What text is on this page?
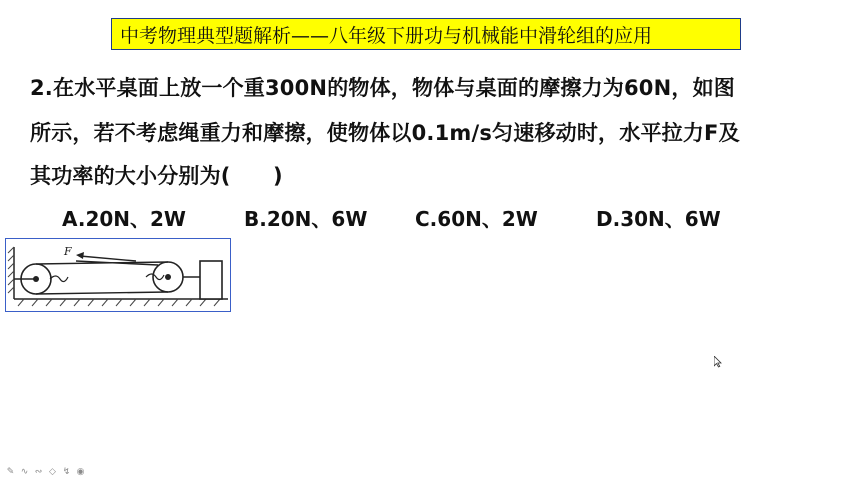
中考物理典型题解析——八年级下册功与机械能中滑轮组的应用
2.在水平桌面上放一个重300N的物体，物体与桌面的摩擦力为60N，如图
所示，若不考虑绳重力和摩擦，使物体以0.1m/s匀速移动时，水平拉力F及
其功率的大小分别为(　　)
A.20N、2W	B.20N、6W C.60N、2W	D.30N、6W
F
✎ ∿ ∾ ◇ ↯ ◉
